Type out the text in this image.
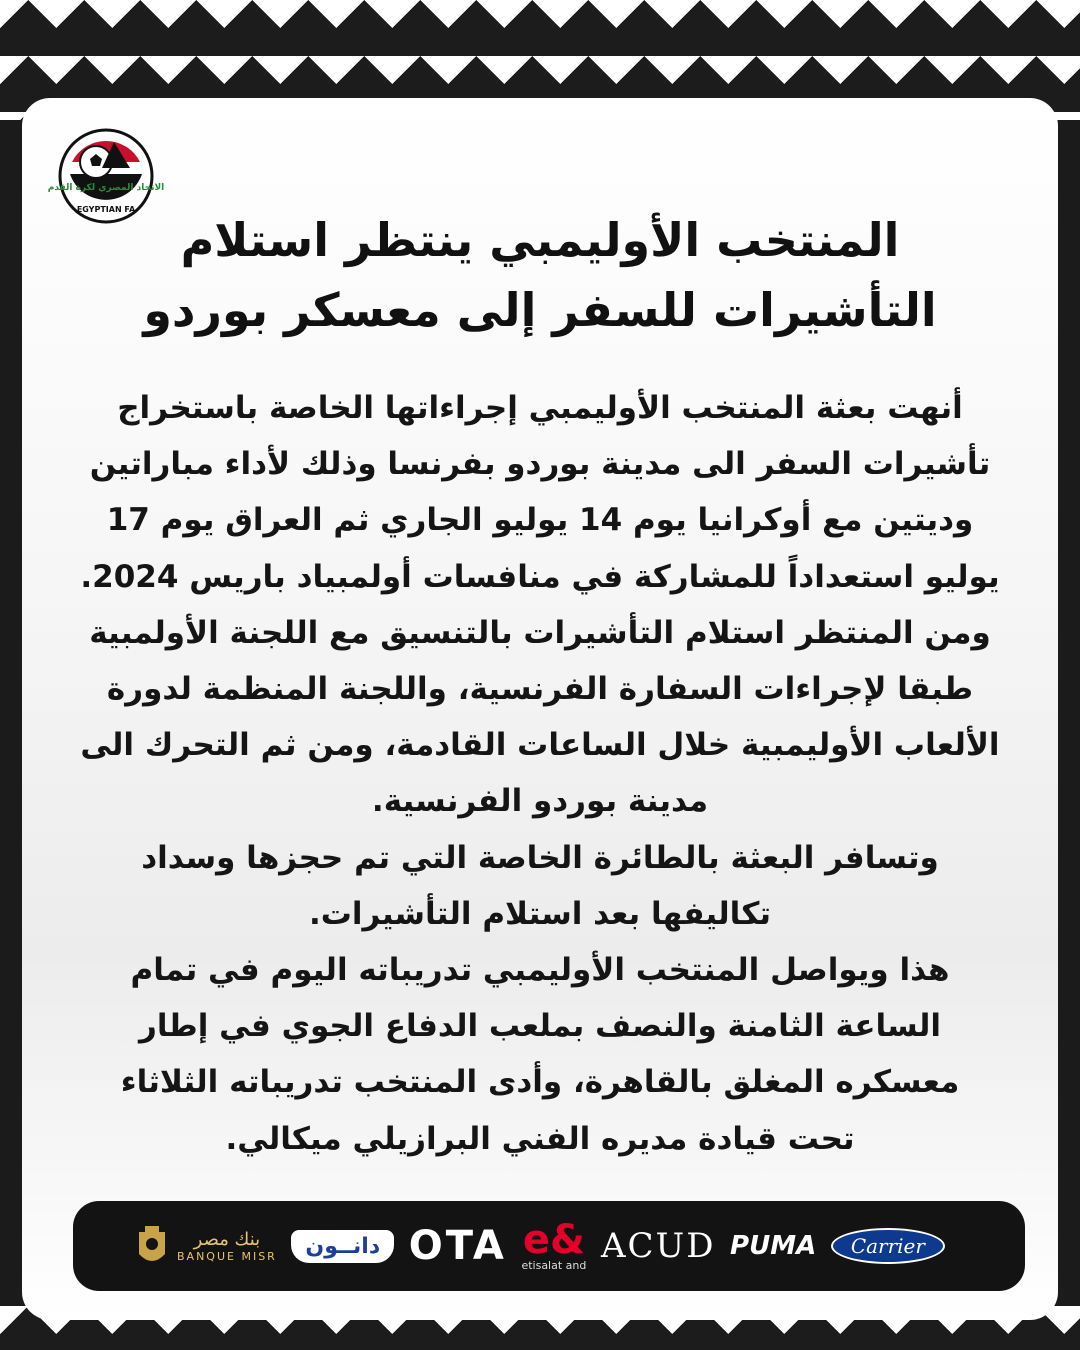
الاتحاد المصري لكرة القدم
EGYPTIAN FA
المنتخب الأوليمبي ينتظر استلام
التأشيرات للسفر إلى معسكر بوردو

أنهت بعثة المنتخب الأوليمبي إجراءاتها الخاصة باستخراج

تأشيرات السفر الى مدينة بوردو بفرنسا وذلك لأداء مباراتين

وديتين مع أوكرانيا يوم 14 يوليو الجاري ثم العراق يوم 17

يوليو استعداداً للمشاركة في منافسات أولمبياد باريس 2024.

ومن المنتظر استلام التأشيرات بالتنسيق مع اللجنة الأولمبية

طبقا لإجراءات السفارة الفرنسية، واللجنة المنظمة لدورة

الألعاب الأوليمبية خلال الساعات القادمة، ومن ثم التحرك الى

مدينة بوردو الفرنسية.

وتسافر البعثة بالطائرة الخاصة التي تم حجزها وسداد

تكاليفها بعد استلام التأشيرات.

هذا ويواصل المنتخب الأوليمبي تدريباته اليوم في تمام

الساعة الثامنة والنصف بملعب الدفاع الجوي في إطار

معسكره المغلق بالقاهرة، وأدى المنتخب تدريباته الثلاثاء

تحت قيادة مديره الفني البرازيلي ميكالي.

بنك مصر
BANQUE MISR	دانــون OTA e&
etisalat and ACUD PUMA	Carrier
